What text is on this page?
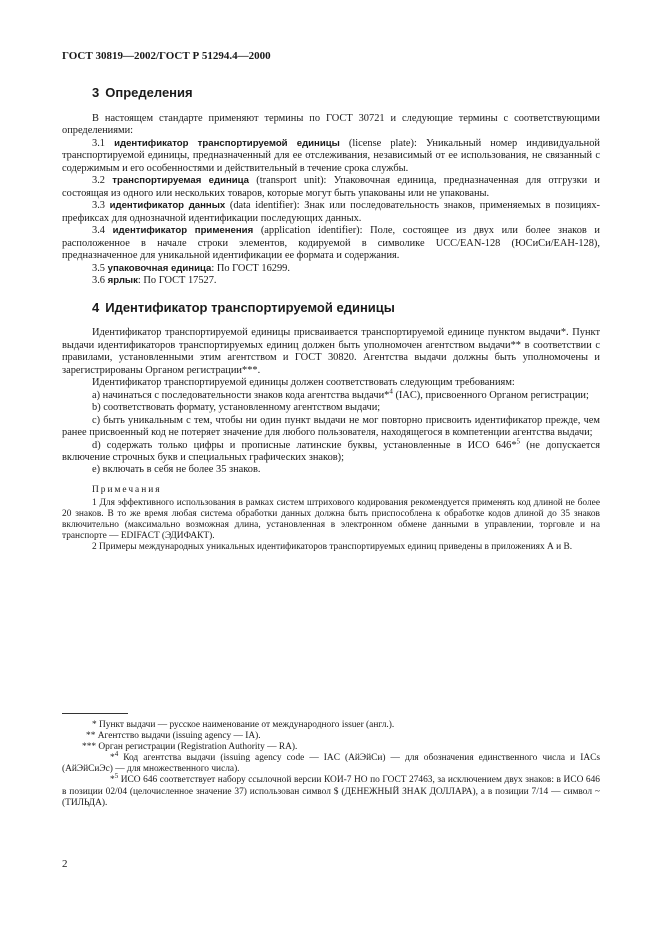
ГОСТ 30819—2002/ГОСТ Р 51294.4—2000
3 Определения

В настоящем стандарте применяют термины по ГОСТ 30721 и следующие термины с соответствующими определениями:

3.1 идентификатор транспортируемой единицы (license plate): Уникальный номер индивидуальной транспортируемой единицы, предназначенный для ее отслеживания, независимый от ее использования, не связанный с содержимым и его особенностями и действительный в течение срока службы.

3.2 транспортируемая единица (transport unit): Упаковочная единица, предназначенная для отгрузки и состоящая из одного или нескольких товаров, которые могут быть упакованы или не упакованы.

3.3 идентификатор данных (data identifier): Знак или последовательность знаков, применяемых в позициях-префиксах для однозначной идентификации последующих данных.

3.4 идентификатор применения (application identifier): Поле, состоящее из двух или более знаков и расположенное в начале строки элементов, кодируемой в символике UCC/EAN-128 (ЮСиСи/ЕАН-128), предназначенное для уникальной идентификации ее формата и содержания.

3.5 упаковочная единица: По ГОСТ 16299.

3.6 ярлык: По ГОСТ 17527.

4 Идентификатор транспортируемой единицы

Идентификатор транспортируемой единицы присваивается транспортируемой единице пунктом выдачи*. Пункт выдачи идентификаторов транспортируемых единиц должен быть уполномочен агентством выдачи** в соответствии с правилами, установленными этим агентством и ГОСТ 30820. Агентства выдачи должны быть уполномочены и зарегистрированы Органом регистрации***.

Идентификатор транспортируемой единицы должен соответствовать следующим требованиям:

а) начинаться с последовательности знаков кода агентства выдачи*$^4$ (IAC), присвоенного Органом регистрации;

b) соответствовать формату, установленному агентством выдачи;

c) быть уникальным с тем, чтобы ни один пункт выдачи не мог повторно присвоить идентификатор прежде, чем ранее присвоенный код не потеряет значение для любого пользователя, находящегося в компетенции агентства выдачи;

d) содержать только цифры и прописные латинские буквы, установленные в ИСО 646*$^5$ (не допускается включение строчных букв и специальных графических знаков);

e) включать в себя не более 35 знаков.

Примечания

1 Для эффективного использования в рамках систем штрихового кодирования рекомендуется применять код длиной не более 20 знаков. В то же время любая система обработки данных должна быть приспособлена к обработке кодов длиной до 35 знаков включительно (максимально возможная длина, установленная в электронном обмене данными в управлении, торговле и на транспорте — EDIFACT (ЭДИФАКТ).

2 Примеры международных уникальных идентификаторов транспортируемых единиц приведены в приложениях А и В.

* Пункт выдачи — русское наименование от международного issuer (англ.).

** Агентство выдачи (issuing agency — IA).

*** Орган регистрации (Registration Authority — RA).

*$^4$ Код агентства выдачи (issuing agency code — IAC (АйЭйСи) — для обозначения единственного числа и IACs (АйЭйСиЭс) — для множественного числа).

*$^5$ ИСО 646 соответствует набору ссылочной версии КОИ-7 НО по ГОСТ 27463, за исключением двух знаков: в ИСО 646 в позиции 02/04 (целочисленное значение 37) использован символ $ (ДЕНЕЖНЫЙ ЗНАК ДОЛЛАРА), а в позиции 7/14 — символ ~ (ТИЛЬДА).

2
